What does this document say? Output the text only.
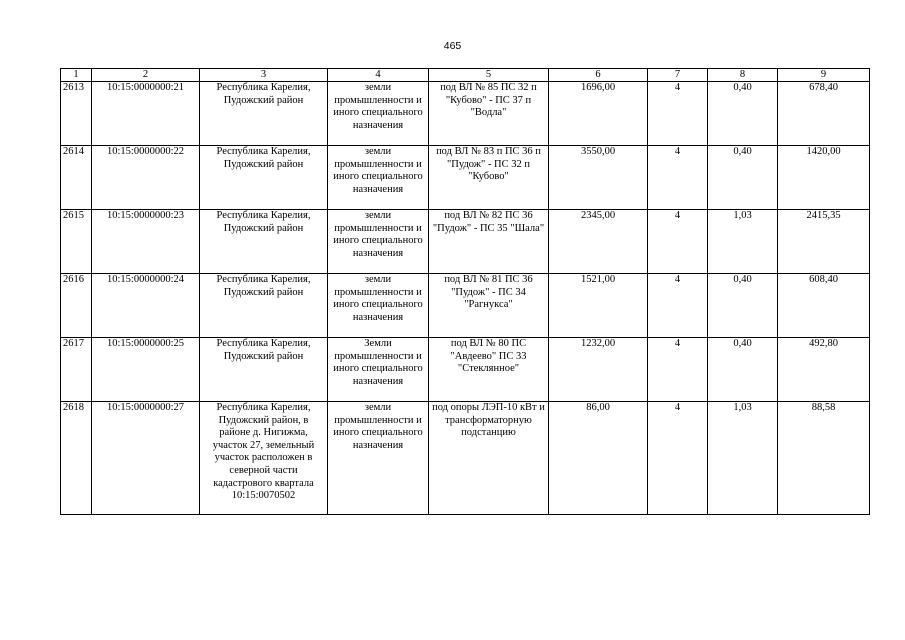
465
1	2	3	4	5	6	7	8	9
2613	10:15:0000000:21	Республика Карелия, Пудожский район	земли промышленности и иного специального назначения	под ВЛ № 85 ПС 32 п "Кубово" - ПС 37 п "Водла"	1696,00	4	0,40	678,40
2614	10:15:0000000:22	Республика Карелия, Пудожский район	земли промышленности и иного специального назначения	под ВЛ № 83 п ПС 36 п "Пудож" - ПС 32 п "Кубово"	3550,00	4	0,40	1420,00
2615	10:15:0000000:23	Республика Карелия, Пудожский район	земли промышленности и иного специального назначения	под ВЛ № 82 ПС 36 "Пудож" - ПС 35 "Шала"	2345,00	4	1,03	2415,35
2616	10:15:0000000:24	Республика Карелия, Пудожский район	земли промышленности и иного специального назначения	под ВЛ № 81 ПС 36 "Пудож" - ПС 34 "Рагнукса"	1521,00	4	0,40	608,40
2617	10:15:0000000:25	Республика Карелия, Пудожский район	Земли промышленности и иного специального назначения	под ВЛ № 80 ПС "Авдеево" ПС 33 "Стеклянное"	1232,00	4	0,40	492,80
2618	10:15:0000000:27	Республика Карелия, Пудожский район, в районе д. Нигижма, участок 27, земельный участок расположен в северной части кадастрового квартала 10:15:0070502	земли промышленности и иного специального назначения	под опоры ЛЭП-10 кВт и трансформаторную подстанцию	86,00	4	1,03	88,58
